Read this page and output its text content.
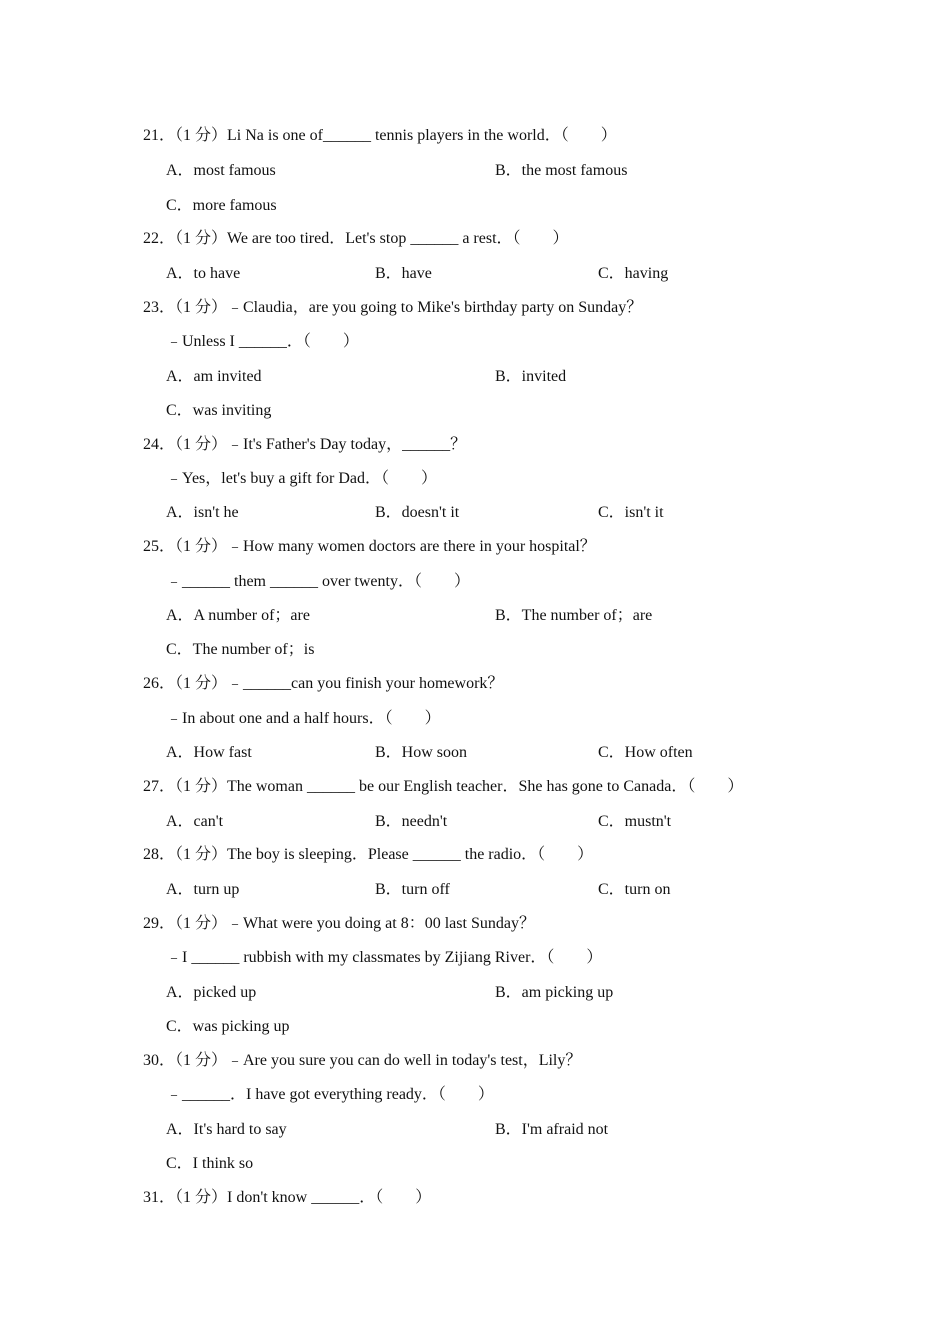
21．（1 分）Li Na is one of______ tennis players in the world．（　　）
A．most famous	B．the most famous
C．more famous
22．（1 分）We are too tired．Let's stop ______ a rest．（　　）
A．to have	B．have	C．having
23．（1 分）﹣Claudia，are you going to Mike's birthday party on Sunday？
﹣Unless I ______．（　　）
A．am invited	B．invited
C．was inviting
24．（1 分）﹣It's Father's Day today，______？
﹣Yes，let's buy a gift for Dad．（　　）
A．isn't he	B．doesn't it	C．isn't it
25．（1 分）﹣How many women doctors are there in your hospital？
﹣______ them ______ over twenty．（　　）
A．A number of；are	B．The number of；are
C．The number of；is
26．（1 分）﹣______can you finish your homework？
﹣In about one and a half hours．（　　）
A．How fast	B．How soon	C．How often
27．（1 分）The woman ______ be our English teacher．She has gone to Canada．（　　）
A．can't	B．needn't	C．mustn't
28．（1 分）The boy is sleeping．Please ______ the radio．（　　）
A．turn up	B．turn off	C．turn on
29．（1 分）﹣What were you doing at 8：00 last Sunday？
﹣I ______ rubbish with my classmates by Zijiang River．（　　）
A．picked up	B．am picking up
C．was picking up
30．（1 分）﹣Are you sure you can do well in today's test，Lily？
﹣______．I have got everything ready．（　　）
A．It's hard to say	B．I'm afraid not
C．I think so
31．（1 分）I don't know ______．（　　）
